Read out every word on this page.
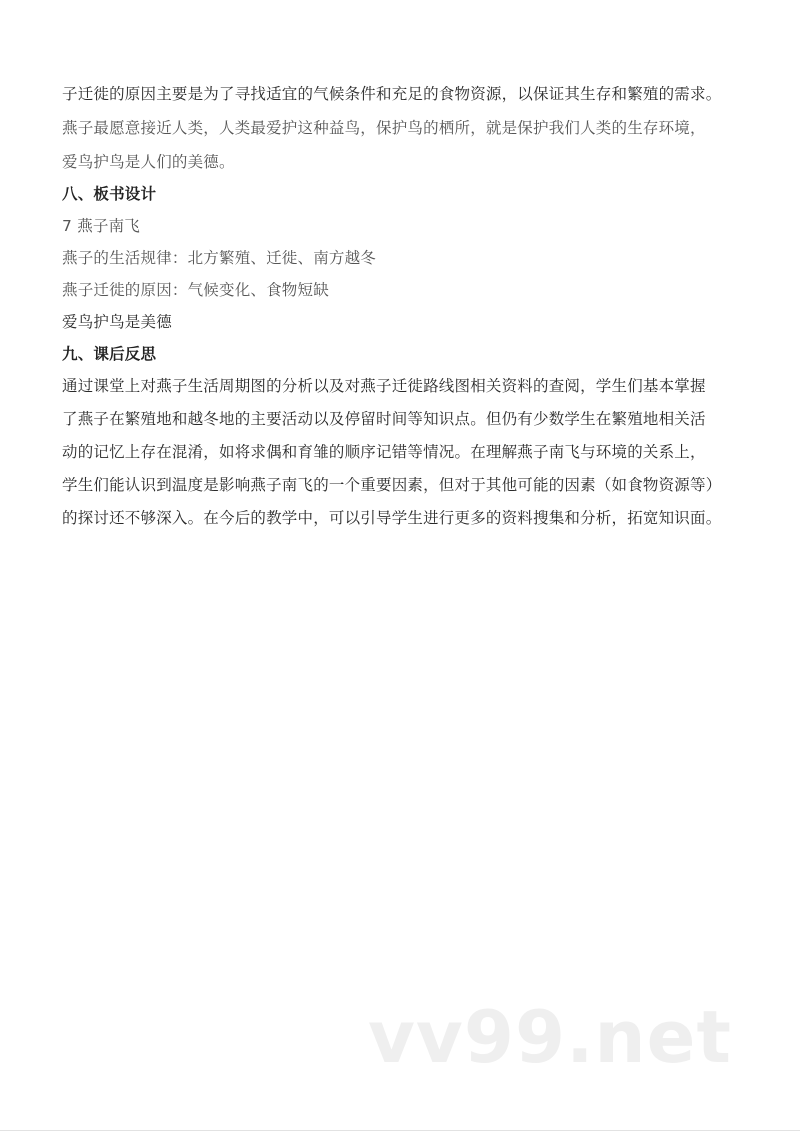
子迁徙的原因主要是为了寻找适宜的气候条件和充足的食物资源，以保证其生存和繁殖的需求。
燕子最愿意接近人类，人类最爱护这种益鸟，保护鸟的栖所，就是保护我们人类的生存环境，
爱鸟护鸟是人们的美德。
八、板书设计
7 燕子南飞
燕子的生活规律：北方繁殖、迁徙、南方越冬
燕子迁徙的原因：气候变化、食物短缺
爱鸟护鸟是美德
九、课后反思
通过课堂上对燕子生活周期图的分析以及对燕子迁徙路线图相关资料的查阅，学生们基本掌握
了燕子在繁殖地和越冬地的主要活动以及停留时间等知识点。但仍有少数学生在繁殖地相关活
动的记忆上存在混淆，如将求偶和育雏的顺序记错等情况。在理解燕子南飞与环境的关系上，
学生们能认识到温度是影响燕子南飞的一个重要因素，但对于其他可能的因素（如食物资源等）
的探讨还不够深入。在今后的教学中，可以引导学生进行更多的资料搜集和分析，拓宽知识面。
vv99.net
